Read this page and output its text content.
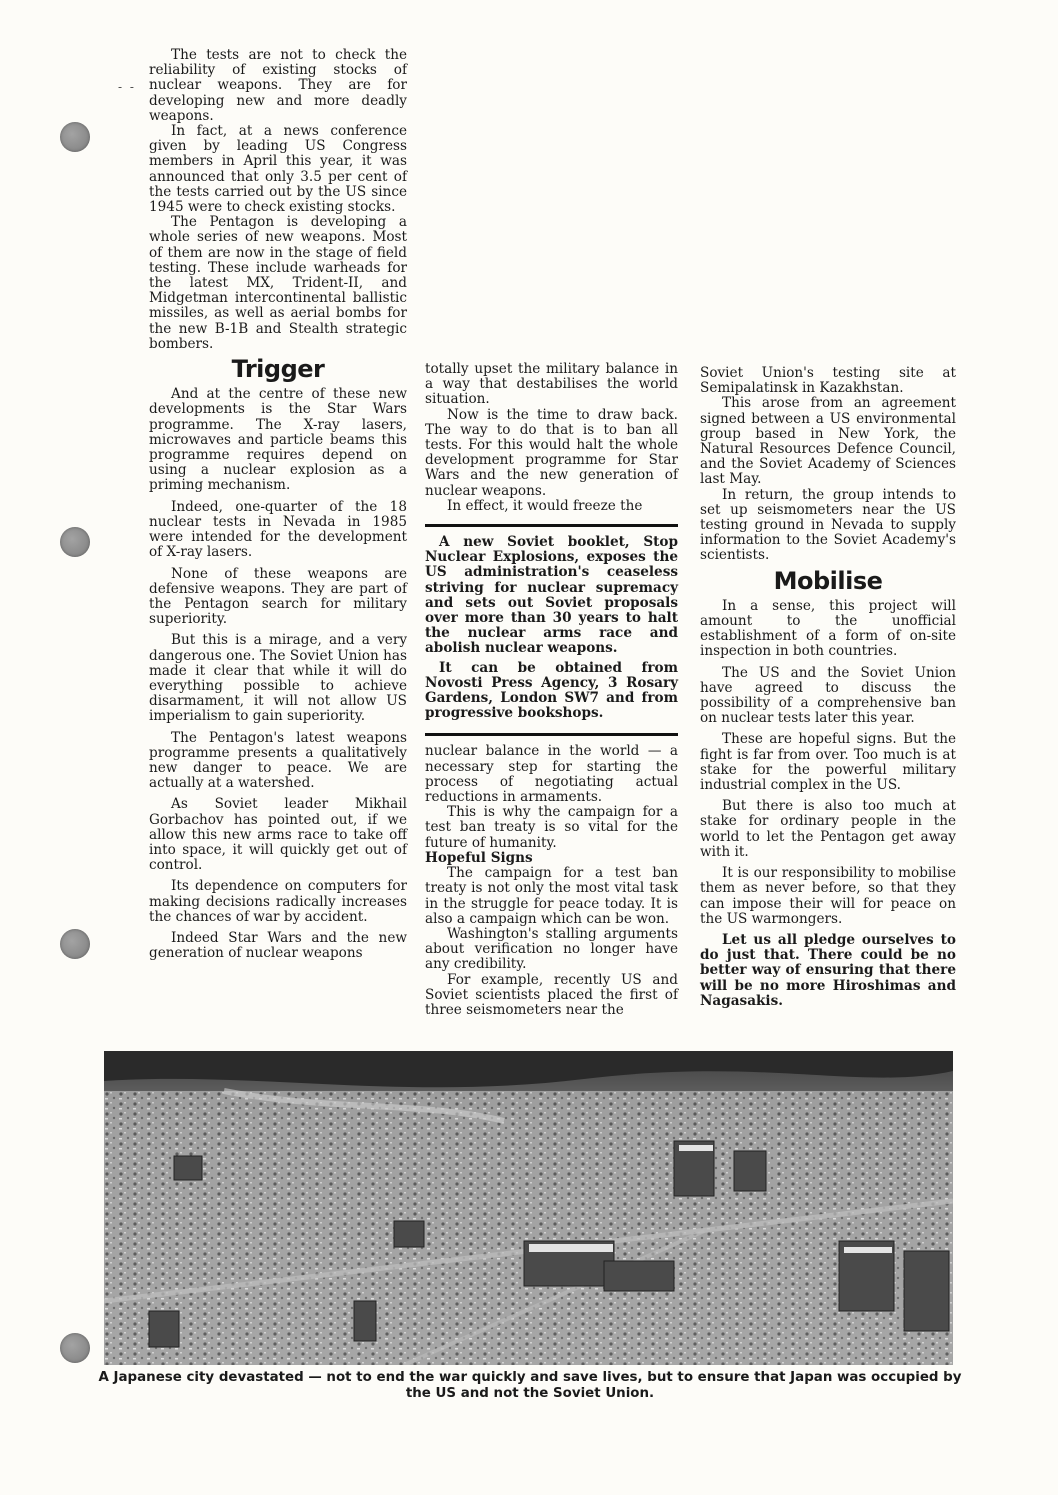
- -

The tests are not to check the reliability of existing stocks of nuclear weapons. They are for developing new and more deadly weapons.

In fact, at a news conference given by leading US Congress members in April this year, it was announced that only 3.5 per cent of the tests carried out by the US since 1945 were to check existing stocks.

The Pentagon is developing a whole series of new weapons. Most of them are now in the stage of field testing. These include warheads for the latest MX, Trident-II, and Midgetman intercontinental ballistic missiles, as well as aerial bombs for the new B-1B and Stealth strategic bombers.

Trigger

And at the centre of these new developments is the Star Wars programme. The X-ray lasers, microwaves and particle beams this programme requires depend on using a nuclear explosion as a priming mechanism.

Indeed, one-quarter of the 18 nuclear tests in Nevada in 1985 were intended for the development of X-ray lasers.

None of these weapons are defensive weapons. They are part of the Pentagon search for military superiority.

But this is a mirage, and a very dangerous one. The Soviet Union has made it clear that while it will do everything possible to achieve disarmament, it will not allow US imperialism to gain superiority.

The Pentagon's latest weapons programme presents a qualitatively new danger to peace. We are actually at a watershed.

As Soviet leader Mikhail Gorbachov has pointed out, if we allow this new arms race to take off into space, it will quickly get out of control.

Its dependence on computers for making decisions radically increases the chances of war by accident.

Indeed Star Wars and the new generation of nuclear weapons

totally upset the military balance in a way that destabilises the world situation.

Now is the time to draw back. The way to do that is to ban all tests. For this would halt the whole development programme for Star Wars and the new generation of nuclear weapons.

In effect, it would freeze the

A new Soviet booklet, Stop Nuclear Explosions, exposes the US administration's ceaseless striving for nuclear supremacy and sets out Soviet proposals over more than 30 years to halt the nuclear arms race and abolish nuclear weapons.

It can be obtained from Novosti Press Agency, 3 Rosary Gardens, London SW7 and from progressive bookshops.

nuclear balance in the world — a necessary step for starting the process of negotiating actual reductions in armaments.

This is why the campaign for a test ban treaty is so vital for the future of humanity.

Hopeful Signs

The campaign for a test ban treaty is not only the most vital task in the struggle for peace today. It is also a campaign which can be won.

Washington's stalling arguments about verification no longer have any credibility.

For example, recently US and Soviet scientists placed the first of three seismometers near the

Soviet Union's testing site at Semipalatinsk in Kazakhstan.

This arose from an agreement signed between a US environmental group based in New York, the Natural Resources Defence Council, and the Soviet Academy of Sciences last May.

In return, the group intends to set up seismometers near the US testing ground in Nevada to supply information to the Soviet Academy's scientists.

Mobilise

In a sense, this project will amount to the unofficial establishment of a form of on-site inspection in both countries.

The US and the Soviet Union have agreed to discuss the possibility of a comprehensive ban on nuclear tests later this year.

These are hopeful signs. But the fight is far from over. Too much is at stake for the powerful military industrial complex in the US.

But there is also too much at stake for ordinary people in the world to let the Pentagon get away with it.

It is our responsibility to mobilise them as never before, so that they can impose their will for peace on the US warmongers.

Let us all pledge ourselves to do just that. There could be no better way of ensuring that there will be no more Hiroshimas and Nagasakis.

A Japanese city devastated — not to end the war quickly and save lives, but to ensure that Japan was occupied by the US and not the Soviet Union.
